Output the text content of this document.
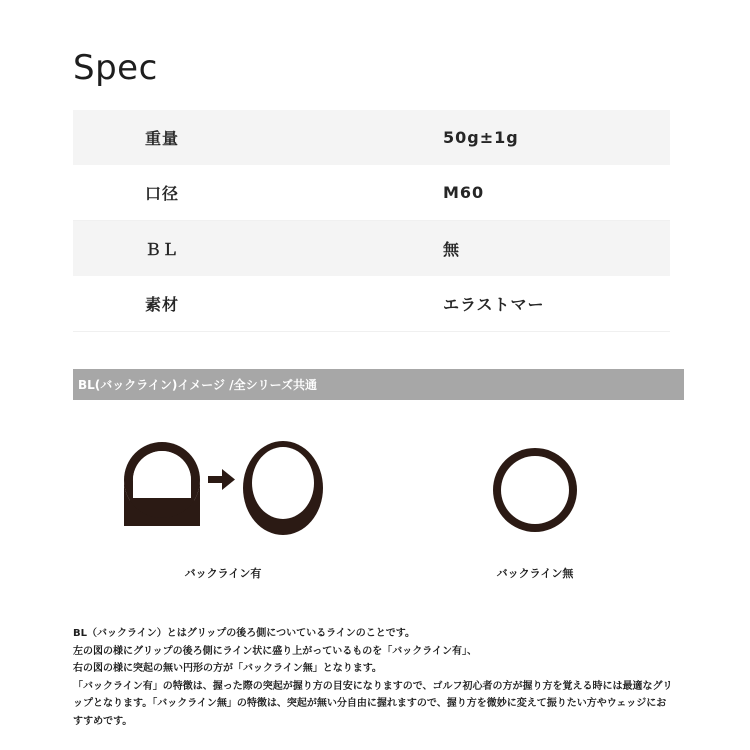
Spec
重量	50g±1g
口径	M60
ＢＬ	無
素材	エラストマー
BL(バックライン)イメージ /全シリーズ共通
バックライン有	バックライン無

BL（バックライン）とはグリップの後ろ側についているラインのことです。

左の図の様にグリップの後ろ側にライン状に盛り上がっているものを「バックライン有」、

右の図の様に突起の無い円形の方が「バックライン無」となります。

「バックライン有」の特徴は、握った際の突起が握り方の目安になりますので、ゴルフ初心者の方が握り方を覚える時には最適なグリ

ップとなります。「バックライン無」の特徴は、突起が無い分自由に握れますので、握り方を微妙に変えて振りたい方やウェッジにお

すすめです。
